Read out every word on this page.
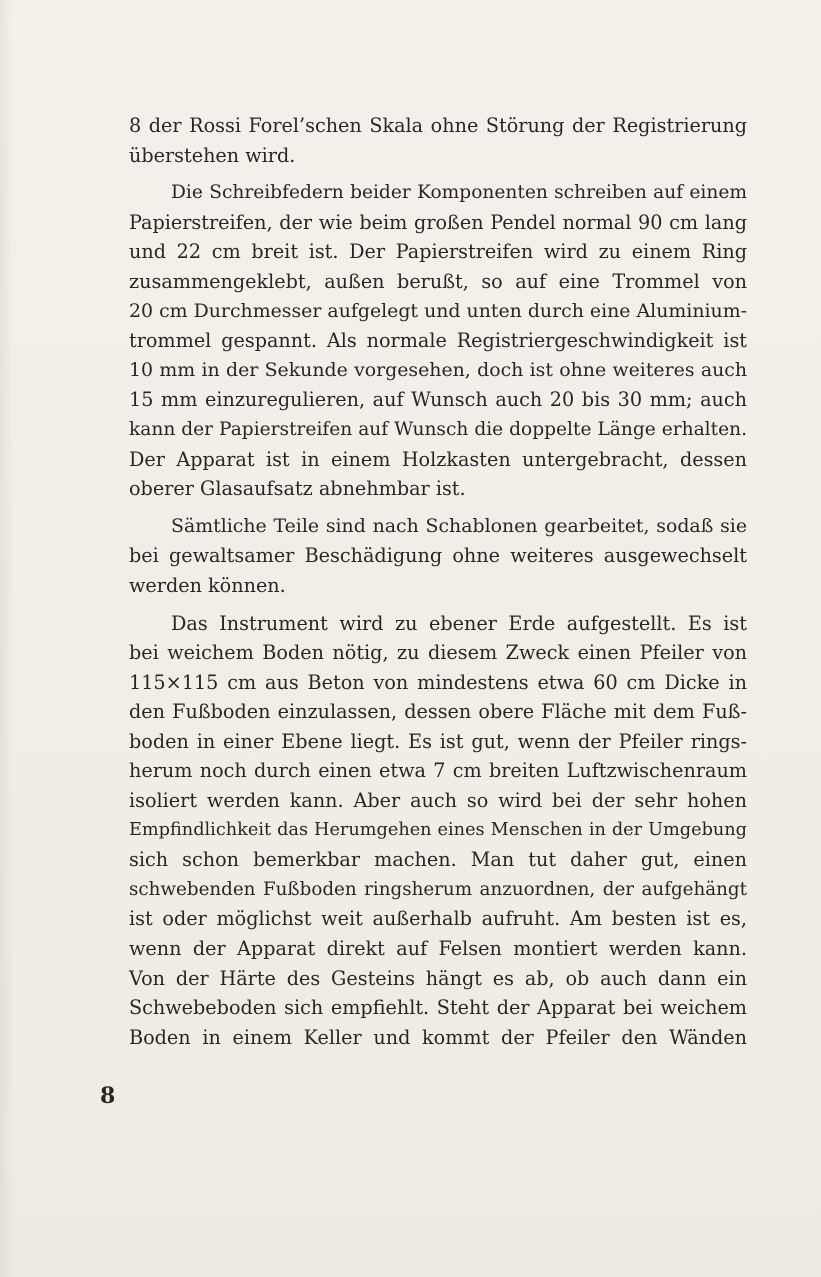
8 der Rossi Forel’schen Skala ohne Störung der Registrierung
überstehen wird.
Die Schreibfedern beider Komponenten schreiben auf einem
Papierstreifen, der wie beim großen Pendel normal 90 cm lang
und 22 cm breit ist. Der Papierstreifen wird zu einem Ring
zusammengeklebt, außen berußt, so auf eine Trommel von
20 cm Durchmesser aufgelegt und unten durch eine Aluminium-
trommel gespannt. Als normale Registriergeschwindigkeit ist
10 mm in der Sekunde vorgesehen, doch ist ohne weiteres auch
15 mm einzuregulieren, auf Wunsch auch 20 bis 30 mm; auch
kann der Papierstreifen auf Wunsch die doppelte Länge erhalten.
Der Apparat ist in einem Holzkasten untergebracht, dessen
oberer Glasaufsatz abnehmbar ist.
Sämtliche Teile sind nach Schablonen gearbeitet, sodaß sie
bei gewaltsamer Beschädigung ohne weiteres ausgewechselt
werden können.
Das Instrument wird zu ebener Erde aufgestellt. Es ist
bei weichem Boden nötig, zu diesem Zweck einen Pfeiler von
115×115 cm aus Beton von mindestens etwa 60 cm Dicke in
den Fußboden einzulassen, dessen obere Fläche mit dem Fuß-
boden in einer Ebene liegt. Es ist gut, wenn der Pfeiler rings-
herum noch durch einen etwa 7 cm breiten Luftzwischenraum
isoliert werden kann. Aber auch so wird bei der sehr hohen
Empfindlichkeit das Herumgehen eines Menschen in der Umgebung
sich schon bemerkbar machen. Man tut daher gut, einen
schwebenden Fußboden ringsherum anzuordnen, der aufgehängt
ist oder möglichst weit außerhalb aufruht. Am besten ist es,
wenn der Apparat direkt auf Felsen montiert werden kann.
Von der Härte des Gesteins hängt es ab, ob auch dann ein
Schwebeboden sich empfiehlt. Steht der Apparat bei weichem
Boden in einem Keller und kommt der Pfeiler den Wänden
8
